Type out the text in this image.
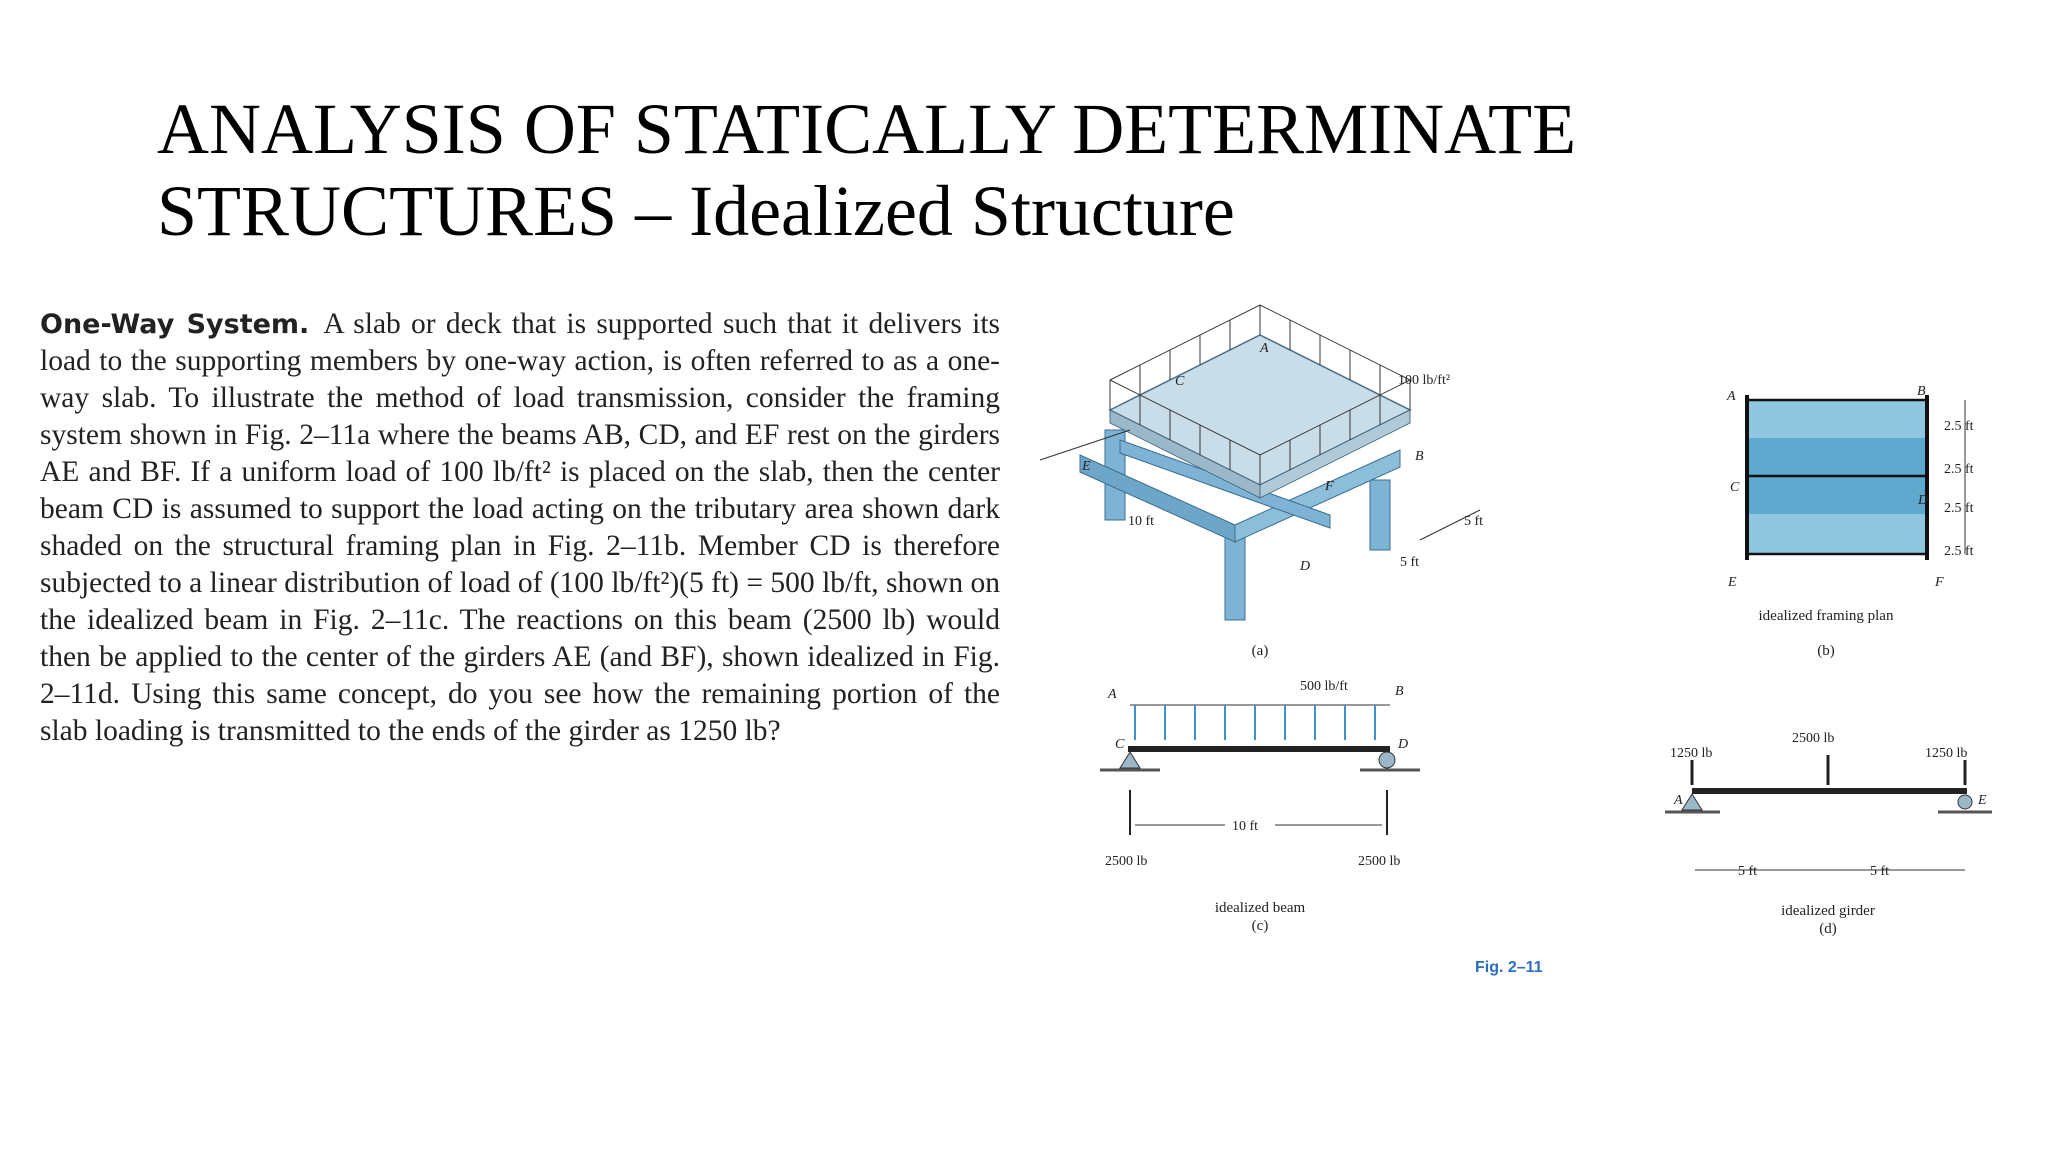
ANALYSIS OF STATICALLY DETERMINATE
STRUCTURES – Idealized Structure
One-Way System. A slab or deck that is supported such that it delivers its load to the supporting members by one-way action, is often referred to as a one-way slab. To illustrate the method of load transmission, consider the framing system shown in Fig. 2–11a where the beams AB, CD, and EF rest on the girders AE and BF. If a uniform load of 100 lb/ft² is placed on the slab, then the center beam CD is assumed to support the load acting on the tributary area shown dark shaded on the structural framing plan in Fig. 2–11b. Member CD is therefore subjected to a linear distribution of load of (100 lb/ft²)(5 ft) = 500 lb/ft, shown on the idealized beam in Fig. 2–11c. The reactions on this beam (2500 lb) would then be applied to the center of the girders AE (and BF), shown idealized in Fig. 2–11d. Using this same concept, do you see how the remaining portion of the slab loading is transmitted to the ends of the girder as 1250 lb?
100 lb/ft²
10 ft	5 ft
5 ft
A
B
C
D
E
F
(a)
2.5 ft
2.5 ft
2.5 ft
2.5 ft
A	B
C
D
E	F
idealized framing plan
(b)
10 ft
500 lb/ft
2500 lb	2500 lb
A	B
C	D
idealized beam
(c)
5 ft	5 ft
1250 lb
2500 lb
1250 lb
A	E
idealized girder
(d)
Fig. 2–11
